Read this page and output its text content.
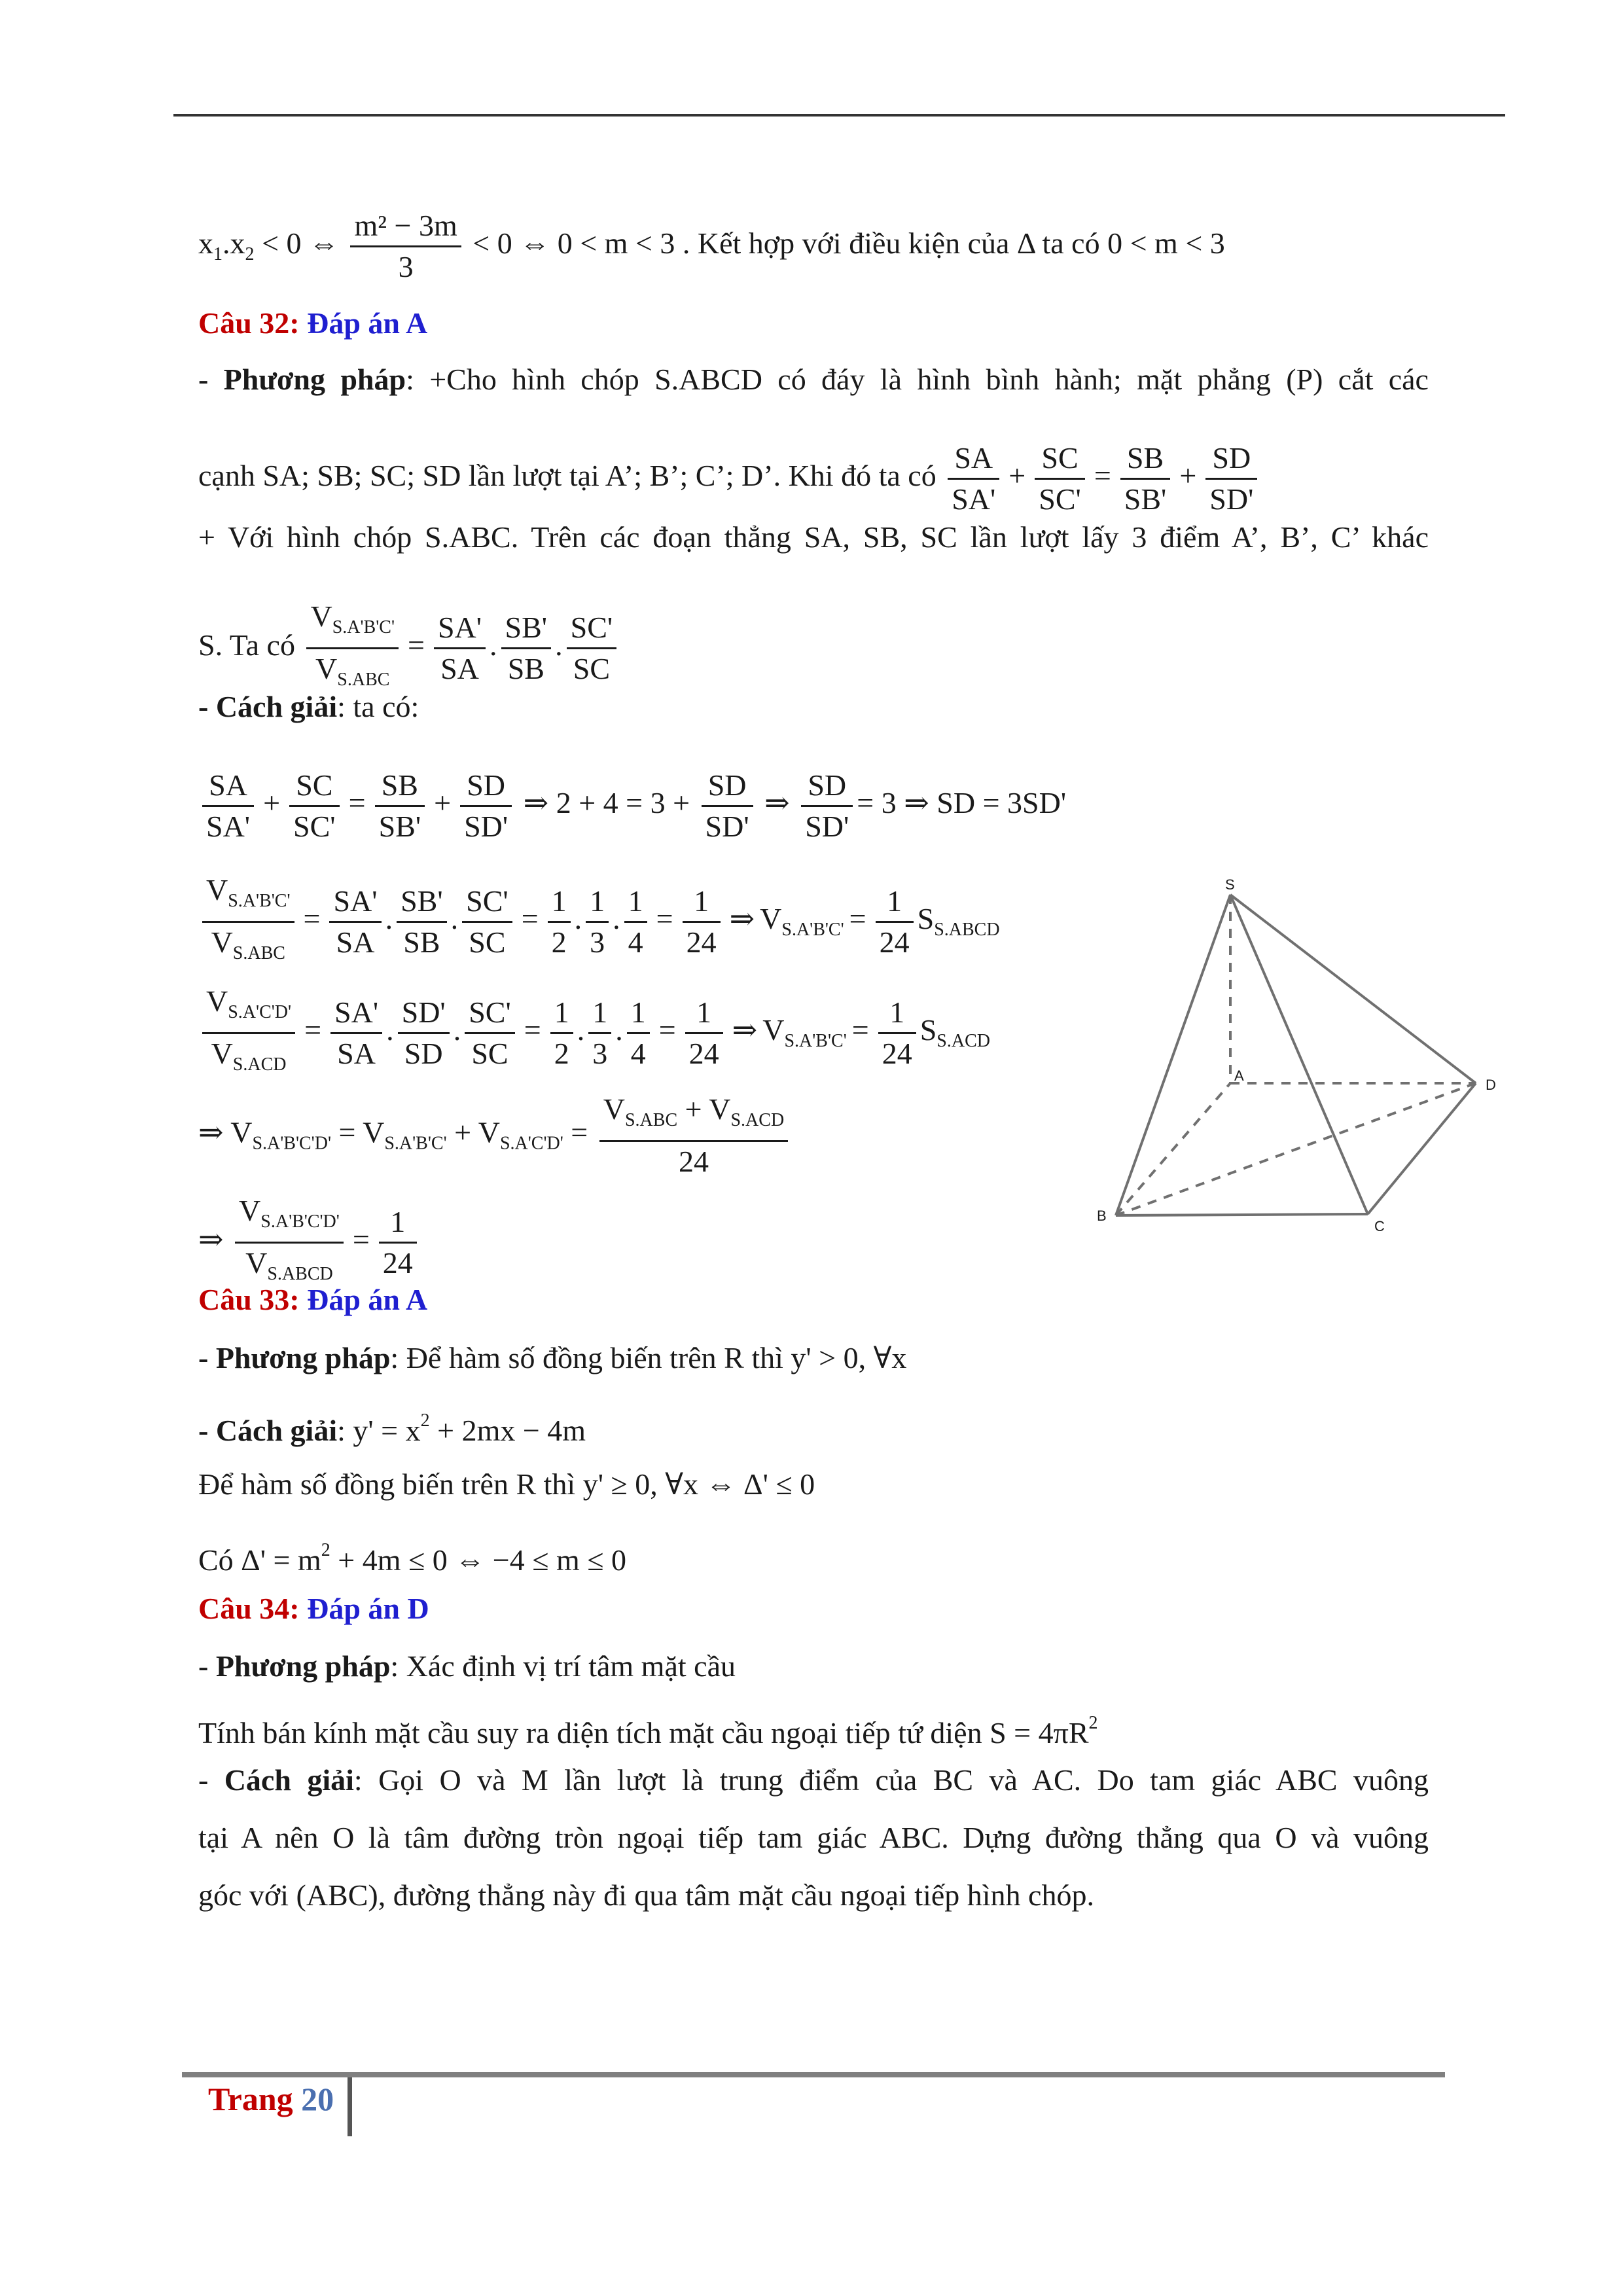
$x_1.x_2 < 0$ ⇔ $\frac{\text{m² − 3m}}{3} < 0$ ⇔ 0 < m < 3 . Kết hợp với điều kiện của Δ ta có 0 < m < 3
Câu 32: Đáp án A
- Phương pháp: +Cho hình chóp S.ABCD có đáy là hình bình hành; mặt phẳng (P) cắt các
cạnh SA; SB; SC; SD lần lượt tại A’; B’; C’; D’. Khi đó ta có $\frac{SA}{SA'} + \frac{SC}{SC'} = \frac{SB}{SB'} + \frac{SD}{SD'}$
+ Với hình chóp S.ABC. Trên các đoạn thẳng SA, SB, SC lần lượt lấy 3 điểm A’, B’, C’ khác
S. Ta có $\frac{V_{S.A'B'C'}}{V_{S.ABC}} = \frac{SA'}{SA}$ . $\frac{SB'}{SB}$ . $\frac{SC'}{SC}$
- Cách giải: ta có:
$\frac{SA}{SA'} + \frac{SC}{SC'} = \frac{SB}{SB'} + \frac{SD}{SD'}$ ⇒ $2 + 4 = 3 + \frac{SD}{SD'}$ ⇒ $\frac{SD}{SD'} = 3$ ⇒ SD = 3SD'
$\frac{V_{S.A'B'C'}}{V_{S.ABC}} = \frac{SA'}{SA}$ . $\frac{SB'}{SB}$ . $\frac{SC'}{SC} = \frac{1}{2}$ . $\frac{1}{3}$ . $\frac{1}{4} = \frac{1}{24}$ ⇒ $V_{S.A'B'C'} = \frac{1}{24} S_{S.ABCD}$
$\frac{V_{S.A'C'D'}}{V_{S.ACD}} = \frac{SA'}{SA}$ . $\frac{SD'}{SD}$ . $\frac{SC'}{SC} = \frac{1}{2}$ . $\frac{1}{3}$ . $\frac{1}{4} = \frac{1}{24}$ ⇒ $V_{S.A'B'C'} = \frac{1}{24} S_{S.ACD}$
⇒ $V_{S.A'B'C'D'} = V_{S.A'B'C'} + V_{S.A'C'D'} = \frac{V_{S.ABC} + V_{S.ACD}}{24}$
⇒ $\frac{V_{S.A'B'C'D'}}{V_{S.ABCD}} = \frac{1}{24}$
S
A
B
C
D
Câu 33: Đáp án A
- Phương pháp: Để hàm số đồng biến trên R thì y' > 0, ∀x
- Cách giải: $y' = x^2 + 2mx - 4m$
Để hàm số đồng biến trên R thì y' ≥ 0, ∀x ⇔ Δ' ≤ 0
Có $\Delta' = m^2 + 4m \le 0$ ⇔ −4 ≤ m ≤ 0
Câu 34: Đáp án D
- Phương pháp: Xác định vị trí tâm mặt cầu
Tính bán kính mặt cầu suy ra diện tích mặt cầu ngoại tiếp tứ diện $S = 4\pi R^2$
- Cách giải: Gọi O và M lần lượt là trung điểm của BC và AC. Do tam giác ABC vuông
tại A nên O là tâm đường tròn ngoại tiếp tam giác ABC. Dựng đường thẳng qua O và vuông
góc với (ABC), đường thẳng này đi qua tâm mặt cầu ngoại tiếp hình chóp.
Trang 20
